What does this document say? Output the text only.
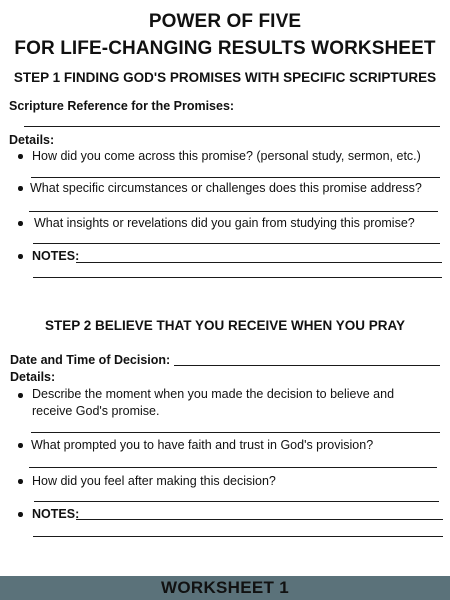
POWER OF FIVE
FOR LIFE-CHANGING RESULTS WORKSHEET
STEP 1 FINDING GOD'S PROMISES WITH SPECIFIC SCRIPTURES
Scripture Reference for the Promises:
Details:
How did you come across this promise? (personal study, sermon, etc.)
What specific circumstances or challenges does this promise address?
What insights or revelations did you gain from studying this promise?
NOTES:
STEP 2 BELIEVE THAT YOU RECEIVE WHEN YOU PRAY
Date and Time of Decision:
Details:
Describe the moment when you made the decision to believe and receive God's promise.
What prompted you to have faith and trust in God's provision?
How did you feel after making this decision?
NOTES:
WORKSHEET 1
